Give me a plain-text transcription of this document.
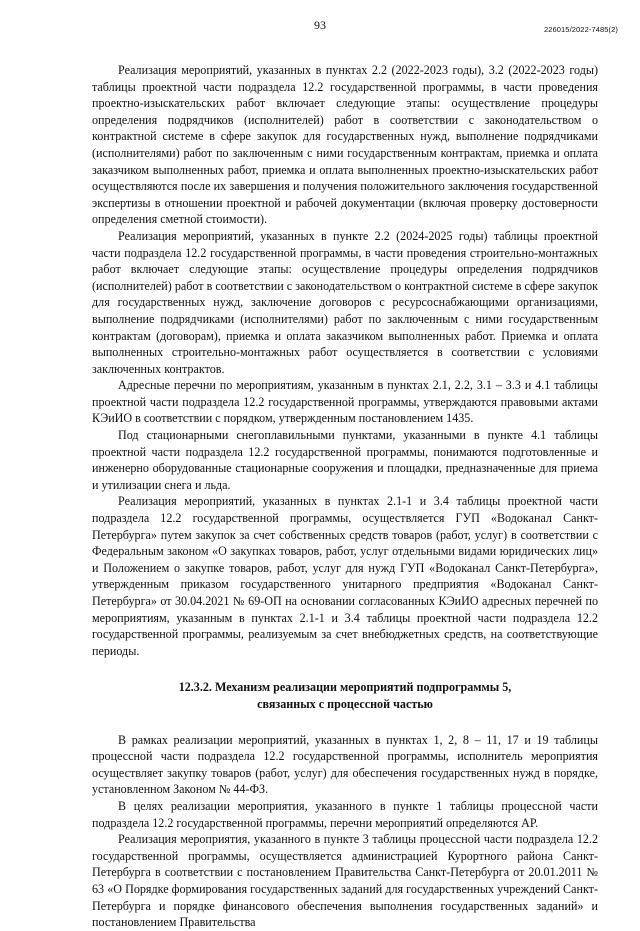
93	226015/2022-7485(2)

Реализация мероприятий, указанных в пунктах 2.2 (2022-2023 годы), 3.2 (2022-2023 годы) таблицы проектной части подраздела 12.2 государственной программы, в части проведения проектно-изыскательских работ включает следующие этапы: осуществление процедуры определения подрядчиков (исполнителей) работ в соответствии с законодательством о контрактной системе в сфере закупок для государственных нужд, выполнение подрядчиками (исполнителями) работ по заключенным с ними государственным контрактам, приемка и оплата заказчиком выполненных работ, приемка и оплата выполненных проектно-изыскательских работ осуществляются после их завершения и получения положительного заключения государственной экспертизы в отношении проектной и рабочей документации (включая проверку достоверности определения сметной стоимости).

Реализация мероприятий, указанных в пункте 2.2 (2024-2025 годы) таблицы проектной части подраздела 12.2 государственной программы, в части проведения строительно-монтажных работ включает следующие этапы: осуществление процедуры определения подрядчиков (исполнителей) работ в соответствии с законодательством о контрактной системе в сфере закупок для государственных нужд, заключение договоров с ресурсоснабжающими организациями, выполнение подрядчиками (исполнителями) работ по заключенным с ними государственным контрактам (договорам), приемка и оплата заказчиком выполненных работ. Приемка и оплата выполненных строительно-монтажных работ осуществляется в соответствии с условиями заключенных контрактов.

Адресные перечни по мероприятиям, указанным в пунктах 2.1, 2.2, 3.1 – 3.3 и 4.1 таблицы проектной части подраздела 12.2 государственной программы, утверждаются правовыми актами КЭиИО в соответствии с порядком, утвержденным постановлением 1435.

Под стационарными снегоплавильными пунктами, указанными в пункте 4.1 таблицы проектной части подраздела 12.2 государственной программы, понимаются подготовленные и инженерно оборудованные стационарные сооружения и площадки, предназначенные для приема и утилизации снега и льда.

Реализация мероприятий, указанных в пунктах 2.1-1 и 3.4 таблицы проектной части подраздела 12.2 государственной программы, осуществляется ГУП «Водоканал Санкт-Петербурга» путем закупок за счет собственных средств товаров (работ, услуг) в соответствии с Федеральным законом «О закупках товаров, работ, услуг отдельными видами юридических лиц» и Положением о закупке товаров, работ, услуг для нужд ГУП «Водоканал Санкт-Петербурга», утвержденным приказом государственного унитарного предприятия «Водоканал Санкт-Петербурга» от 30.04.2021 № 69-ОП на основании согласованных КЭиИО адресных перечней по мероприятиям, указанным в пунктах 2.1-1 и 3.4 таблицы проектной части подраздела 12.2 государственной программы, реализуемым за счет внебюджетных средств, на соответствующие периоды.

12.3.2. Механизм реализации мероприятий подпрограммы 5,
связанных с процессной частью

В рамках реализации мероприятий, указанных в пунктах 1, 2, 8 – 11, 17 и 19 таблицы процессной части подраздела 12.2 государственной программы, исполнитель мероприятия осуществляет закупку товаров (работ, услуг) для обеспечения государственных нужд в порядке, установленном Законом № 44-ФЗ.

В целях реализации мероприятия, указанного в пункте 1 таблицы процессной части подраздела 12.2 государственной программы, перечни мероприятий определяются АР.

Реализация мероприятия, указанного в пункте 3 таблицы процессной части подраздела 12.2 государственной программы, осуществляется администрацией Курортного района Санкт-Петербурга в соответствии с постановлением Правительства Санкт-Петербурга от 20.01.2011 № 63 «О Порядке формирования государственных заданий для государственных учреждений Санкт-Петербурга и порядке финансового обеспечения выполнения государственных заданий» и постановлением Правительства
